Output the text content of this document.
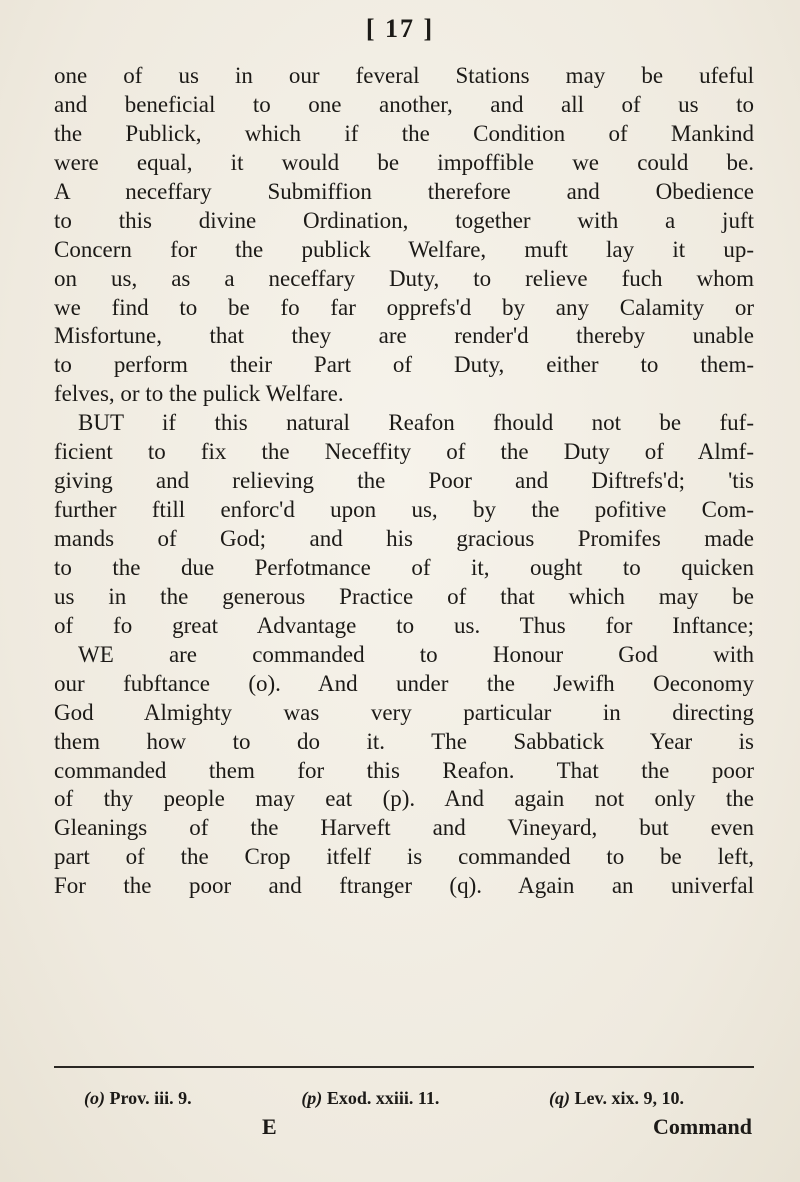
[ 17 ]
one of us in our feveral Stations may be ufeful
and beneficial to one another, and all of us to
the Publick, which if the Condition of Mankind
were equal, it would be impoffible we could be.
A neceffary Submiffion therefore and Obedience
to this divine Ordination, together with a juft
Concern for the publick Welfare, muft lay it up-
on us, as a neceffary Duty, to relieve fuch whom
we find to be fo far opprefs'd by any Calamity or
Misfortune, that they are render'd thereby unable
to perform their Part of Duty, either to them-
felves, or to the pulick Welfare.
BUT if this natural Reafon fhould not be fuf-
ficient to fix the Neceffity of the Duty of Almf-
giving and relieving the Poor and Diftrefs'd; 'tis
further ftill enforc'd upon us, by the pofitive Com-
mands of God; and his gracious Promifes made
to the due Perfotmance of it, ought to quicken
us in the generous Practice of that which may be
of fo great Advantage to us. Thus for Inftance;
WE are commanded to Honour God with
our fubftance (o). And under the Jewifh Oeconomy
God Almighty was very particular in directing
them how to do it. The Sabbatick Year is
commanded them for this Reafon. That the poor
of thy people may eat (p). And again not only the
Gleanings of the Harveft and Vineyard, but even
part of the Crop itfelf is commanded to be left,
For the poor and ftranger (q). Again an univerfal
(o) Prov. iii. 9.	(p) Exod. xxiii. 11.	(q) Lev. xix. 9, 10.
E	Command
